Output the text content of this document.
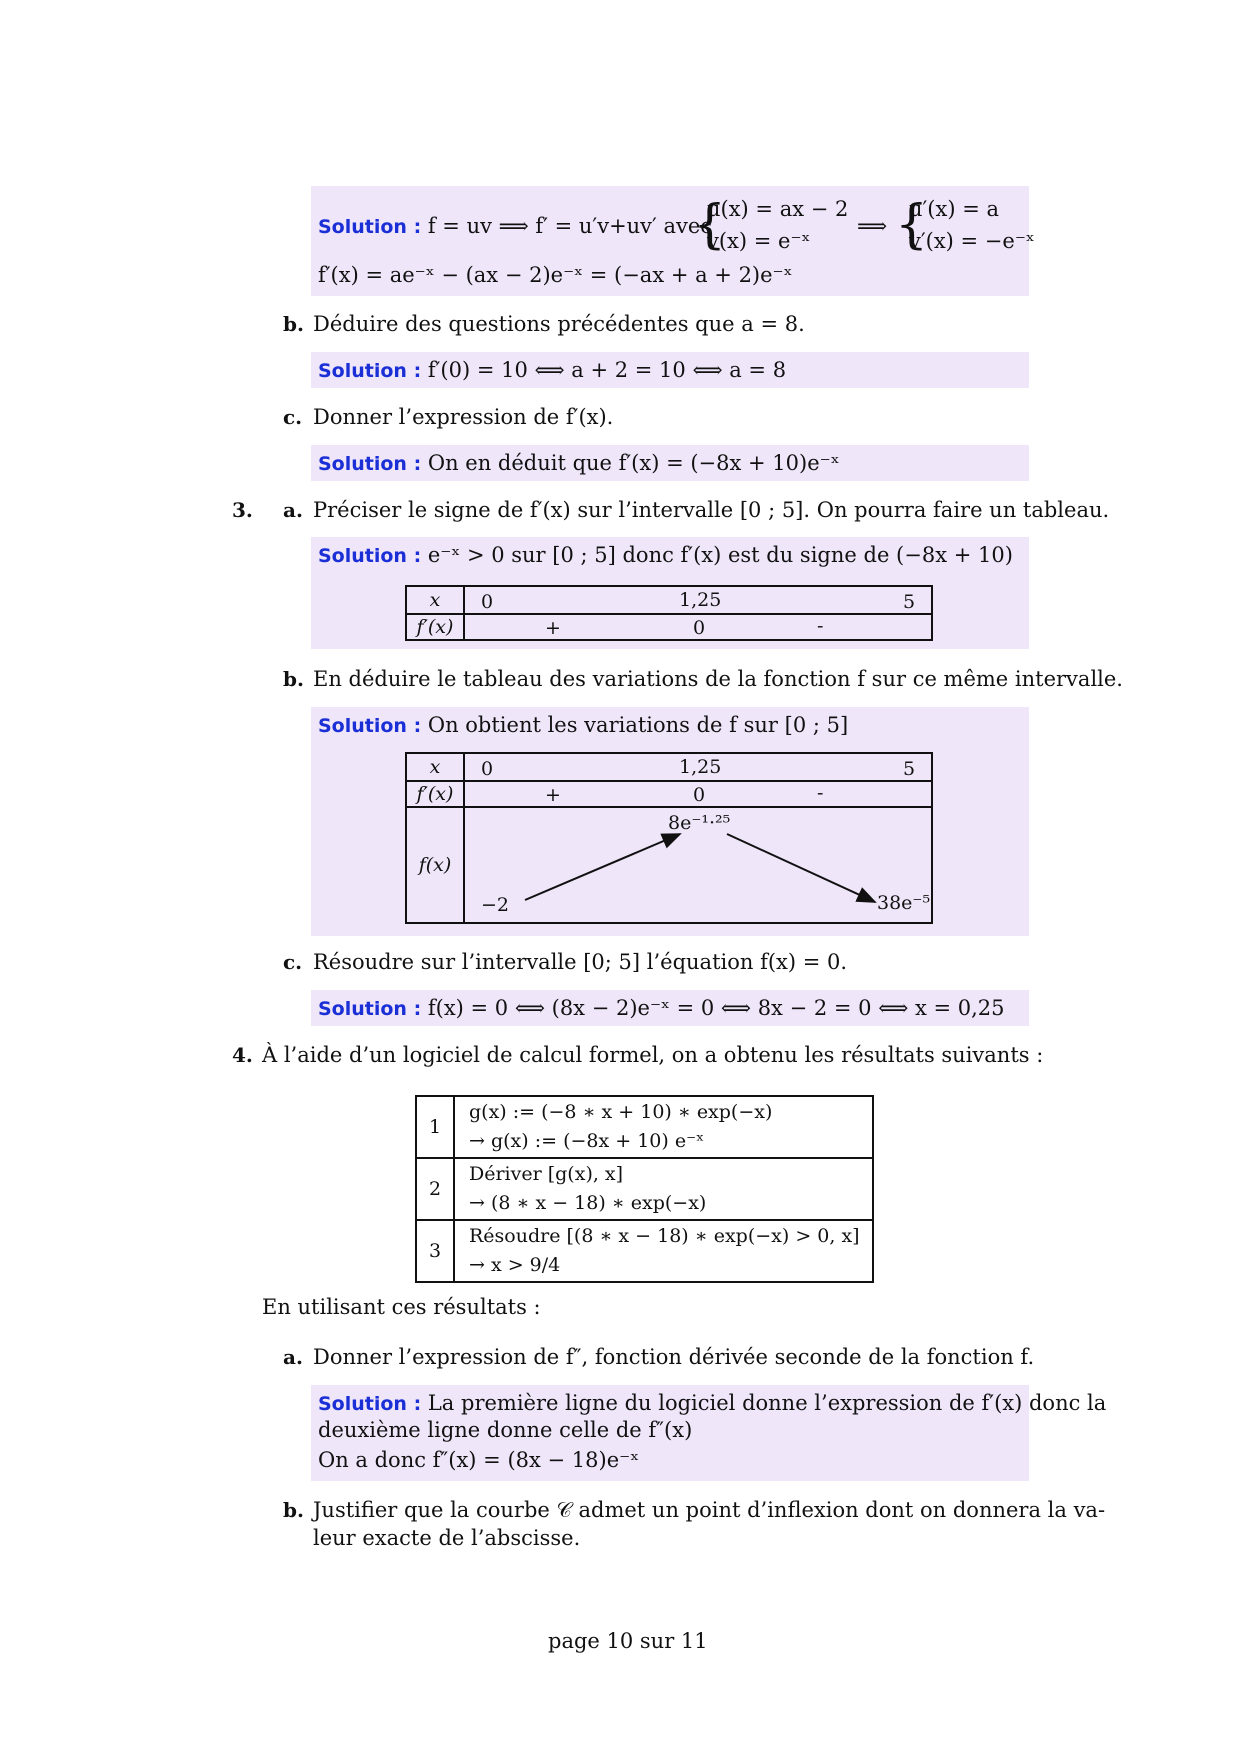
Solution : f = uv ⟹ f′ = u′v+uv′ avec
{
u(x) = ax − 2
v(x) = e⁻ˣ
⟹ {
u′(x) = a
v′(x) = −e⁻ˣ
f′(x) = ae⁻ˣ − (ax − 2)e⁻ˣ = (−ax + a + 2)e⁻ˣ
b. Déduire des questions précédentes que a = 8.
Solution : f′(0) = 10 ⟺ a + 2 = 10 ⟺ a = 8
c. Donner l’expression de f′(x).
Solution : On en déduit que f′(x) = (−8x + 10)e⁻ˣ
3. a. Préciser le signe de f′(x) sur l’intervalle [0 ; 5]. On pourra faire un tableau.
Solution : e⁻ˣ > 0 sur [0 ; 5] donc f′(x) est du signe de (−8x + 10)
x	0 1,25 5

f′(x)	+ 0 -
b. En déduire le tableau des variations de la fonction f sur ce même intervalle.
Solution : On obtient les variations de f sur [0 ; 5]
x	0 1,25 5

f′(x)	+ 0 -

f(x)	8e⁻¹·²⁵
−2 38e⁻⁵
c. Résoudre sur l’intervalle [0; 5] l’équation f(x) = 0.
Solution : f(x) = 0 ⟺ (8x − 2)e⁻ˣ = 0 ⟺ 8x − 2 = 0 ⟺ x = 0,25
4. À l’aide d’un logiciel de calcul formel, on a obtenu les résultats suivants :
1	g(x) := (−8 ∗ x + 10) ∗ exp(−x)
→ g(x) := (−8x + 10) e⁻ˣ

2	Dériver [g(x), x]
→ (8 ∗ x − 18) ∗ exp(−x)

3	Résoudre [(8 ∗ x − 18) ∗ exp(−x) > 0, x]
→ x > 9/4
En utilisant ces résultats :
a. Donner l’expression de f″, fonction dérivée seconde de la fonction f.
Solution : La première ligne du logiciel donne l’expression de f′(x) donc la
deuxième ligne donne celle de f″(x)
On a donc f″(x) = (8x − 18)e⁻ˣ
b. Justifier que la courbe 𝒞 admet un point d’inflexion dont on donnera la va-
leur exacte de l’abscisse.
page 10 sur 11
